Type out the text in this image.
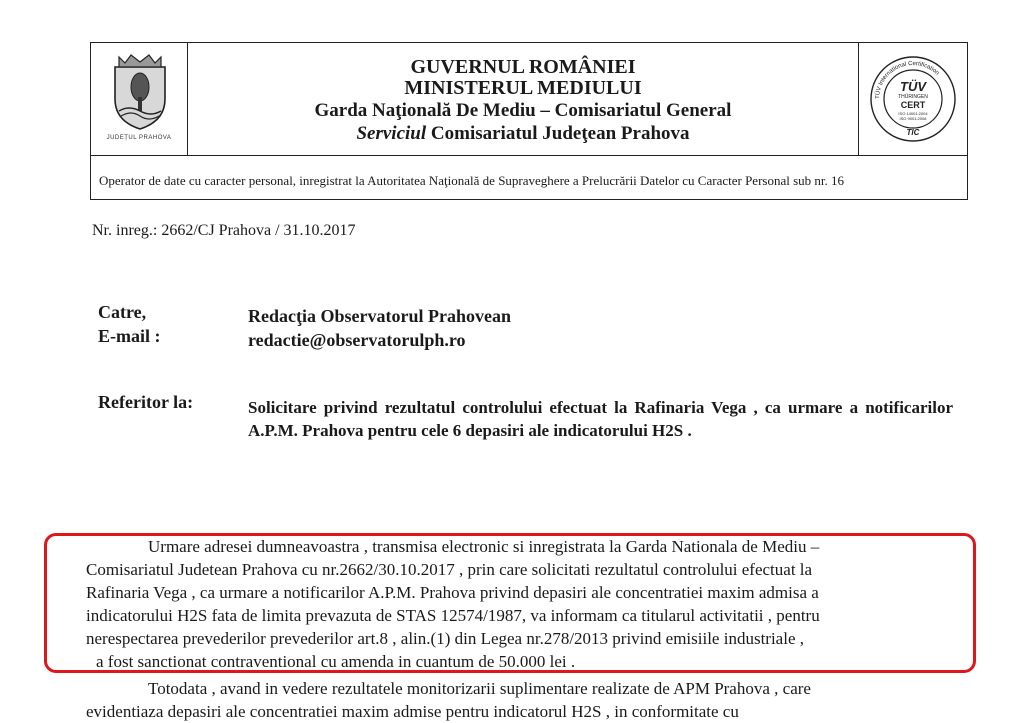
JUDEȚUL PRAHOVA
GUVERNUL ROMÂNIEI
MINISTERUL MEDIULUI
Garda Naţională De Mediu – Comisariatul General
Serviciul Comisariatul Judeţean Prahova
TÜV International Certification
TÜV
THÜRINGEN
CERT
ISO 14001:2004
ISO 9001:2008
TIC
Operator de date cu caracter personal, inregistrat la Autoritatea Naţională de Supraveghere a Prelucrării Datelor cu Caracter Personal sub nr. 16
Nr. inreg.: 2662/CJ Prahova / 31.10.2017
Catre,
E-mail :
Redacţia Observatorul Prahovean
redactie@observatorulph.ro
Referitor la:	Solicitare privind rezultatul controlului efectuat la Rafinaria Vega , ca urmare a notificarilor A.P.M. Prahova pentru cele 6 depasiri ale indicatorului H2S .
Urmare adresei dumneavoastra , transmisa electronic si inregistrata la Garda Nationala de Mediu –
Comisariatul Judetean Prahova cu nr.2662/30.10.2017 , prin care solicitati rezultatul controlului efectuat la
Rafinaria Vega , ca urmare a notificarilor A.P.M. Prahova privind depasiri ale concentratiei maxim admisa a
indicatorului H2S fata de limita prevazuta de STAS 12574/1987, va informam ca titularul activitatii , pentru
nerespectarea prevederilor prevederilor art.8 , alin.(1) din Legea nr.278/2013 privind emisiile industriale ,
a fost sanctionat contraventional cu amenda in cuantum de 50.000 lei .
Totodata , avand in vedere rezultatele monitorizarii suplimentare realizate de APM Prahova , care
evidentiaza depasiri ale concentratiei maxim admise pentru indicatorul H2S , in conformitate cu
